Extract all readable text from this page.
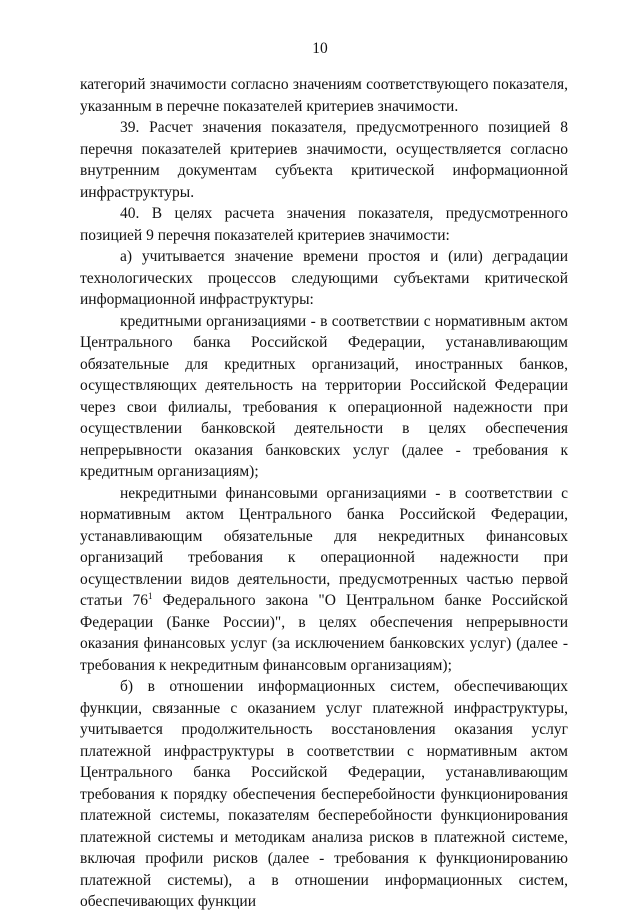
10

категорий значимости согласно значениям соответствующего показателя, указанным в перечне показателей критериев значимости.

39. Расчет значения показателя, предусмотренного позицией 8 перечня показателей критериев значимости, осуществляется согласно внутренним документам субъекта критической информационной инфраструктуры.

40. В целях расчета значения показателя, предусмотренного позицией 9 перечня показателей критериев значимости:

а) учитывается значение времени простоя и (или) деградации технологических процессов следующими субъектами критической информационной инфраструктуры:

кредитными организациями - в соответствии с нормативным актом Центрального банка Российской Федерации, устанавливающим обязательные для кредитных организаций, иностранных банков, осуществляющих деятельность на территории Российской Федерации через свои филиалы, требования к операционной надежности при осуществлении банковской деятельности в целях обеспечения непрерывности оказания банковских услуг (далее - требования к кредитным организациям);

некредитными финансовыми организациями - в соответствии с нормативным актом Центрального банка Российской Федерации, устанавливающим обязательные для некредитных финансовых организаций требования к операционной надежности при осуществлении видов деятельности, предусмотренных частью первой статьи $76^1$ Федерального закона "О Центральном банке Российской Федерации (Банке России)", в целях обеспечения непрерывности оказания финансовых услуг (за исключением банковских услуг) (далее - требования к некредитным финансовым организациям);

б) в отношении информационных систем, обеспечивающих функции, связанные с оказанием услуг платежной инфраструктуры, учитывается продолжительность восстановления оказания услуг платежной инфраструктуры в соответствии с нормативным актом Центрального банка Российской Федерации, устанавливающим требования к порядку обеспечения бесперебойности функционирования платежной системы, показателям бесперебойности функционирования платежной системы и методикам анализа рисков в платежной системе, включая профили рисков (далее - требования к функционированию платежной системы), а в отношении информационных систем, обеспечивающих функции
